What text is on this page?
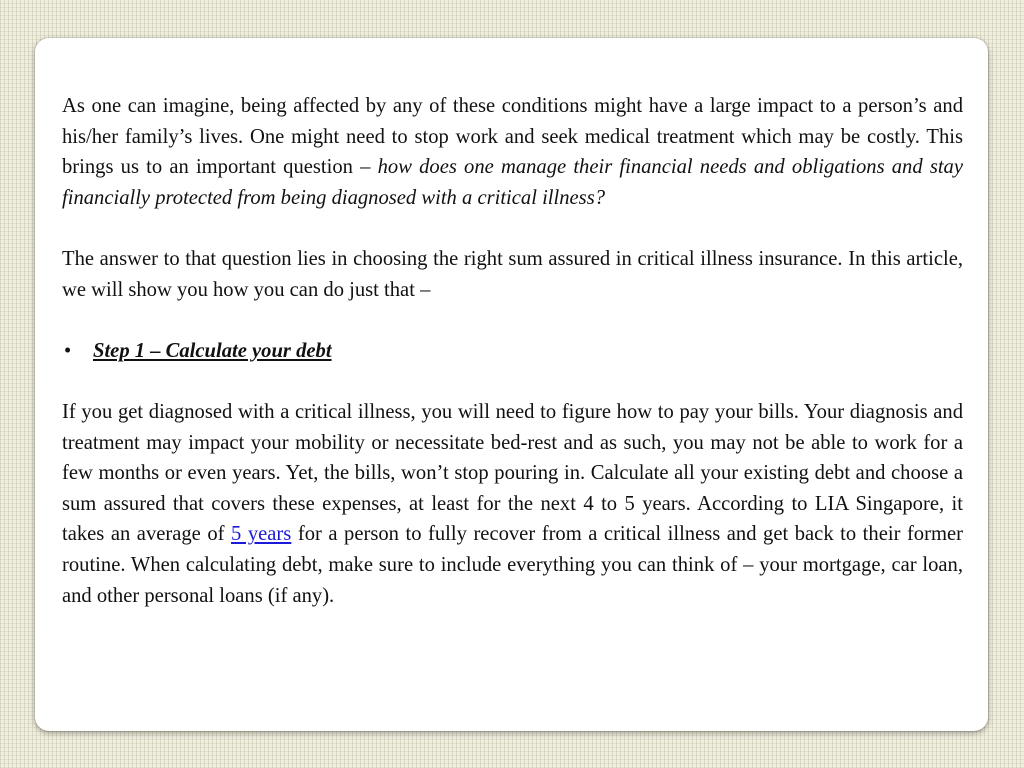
As one can imagine, being affected by any of these conditions might have a large impact to a person’s and his/her family’s lives. One might need to stop work and seek medical treatment which may be costly. This brings us to an important question – how does one manage their financial needs and obligations and stay financially protected from being diagnosed with a critical illness?

The answer to that question lies in choosing the right sum assured in critical illness insurance. In this article, we will show you how you can do just that –

•	Step 1 – Calculate your debt

If you get diagnosed with a critical illness, you will need to figure how to pay your bills. Your diagnosis and treatment may impact your mobility or necessitate bed-rest and as such, you may not be able to work for a few months or even years. Yet, the bills, won’t stop pouring in. Calculate all your existing debt and choose a sum assured that covers these expenses, at least for the next 4 to 5 years. According to LIA Singapore, it takes an average of 5 years for a person to fully recover from a critical illness and get back to their former routine. When calculating debt, make sure to include everything you can think of – your mortgage, car loan, and other personal loans (if any).
